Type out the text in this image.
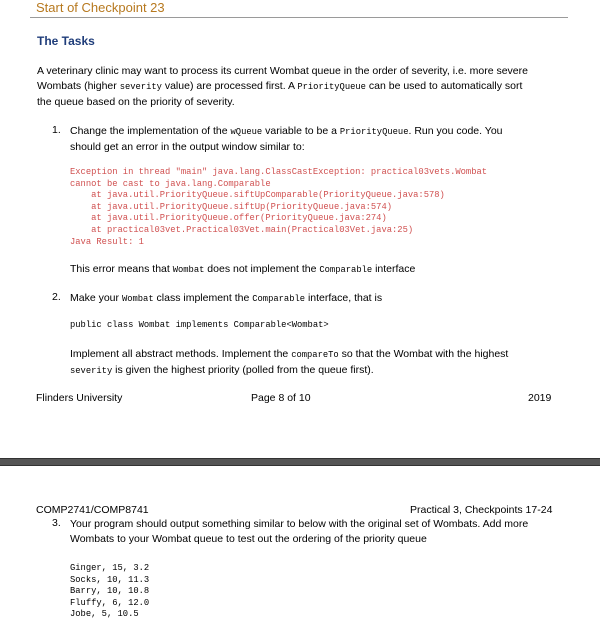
Start of Checkpoint 23
The Tasks
A veterinary clinic may want to process its current Wombat queue in the order of severity, i.e. more severe
Wombats (higher severity value) are processed first. A PriorityQueue can be used to automatically sort
the queue based on the priority of severity.
1. Change the implementation of the wQueue variable to be a PriorityQueue. Run you code. You
should get an error in the output window similar to:
Exception in thread "main" java.lang.ClassCastException: practical03vets.Wombat
cannot be cast to java.lang.Comparable
at java.util.PriorityQueue.siftUpComparable(PriorityQueue.java:578)
at java.util.PriorityQueue.siftUp(PriorityQueue.java:574)
at java.util.PriorityQueue.offer(PriorityQueue.java:274)
at practical03vet.Practical03Vet.main(Practical03Vet.java:25)
Java Result: 1
This error means that Wombat does not implement the Comparable interface
2. Make your Wombat class implement the Comparable interface, that is
public class Wombat implements Comparable<Wombat>
Implement all abstract methods. Implement the compareTo so that the Wombat with the highest
severity is given the highest priority (polled from the queue first).
Flinders University	Page 8 of 10	2019
COMP2741/COMP8741	Practical 3, Checkpoints 17-24
3. Your program should output something similar to below with the original set of Wombats. Add more
Wombats to your Wombat queue to test out the ordering of the priority queue
Ginger, 15, 3.2
Socks, 10, 11.3
Barry, 10, 10.8
Fluffy, 6, 12.0
Jobe, 5, 10.5
